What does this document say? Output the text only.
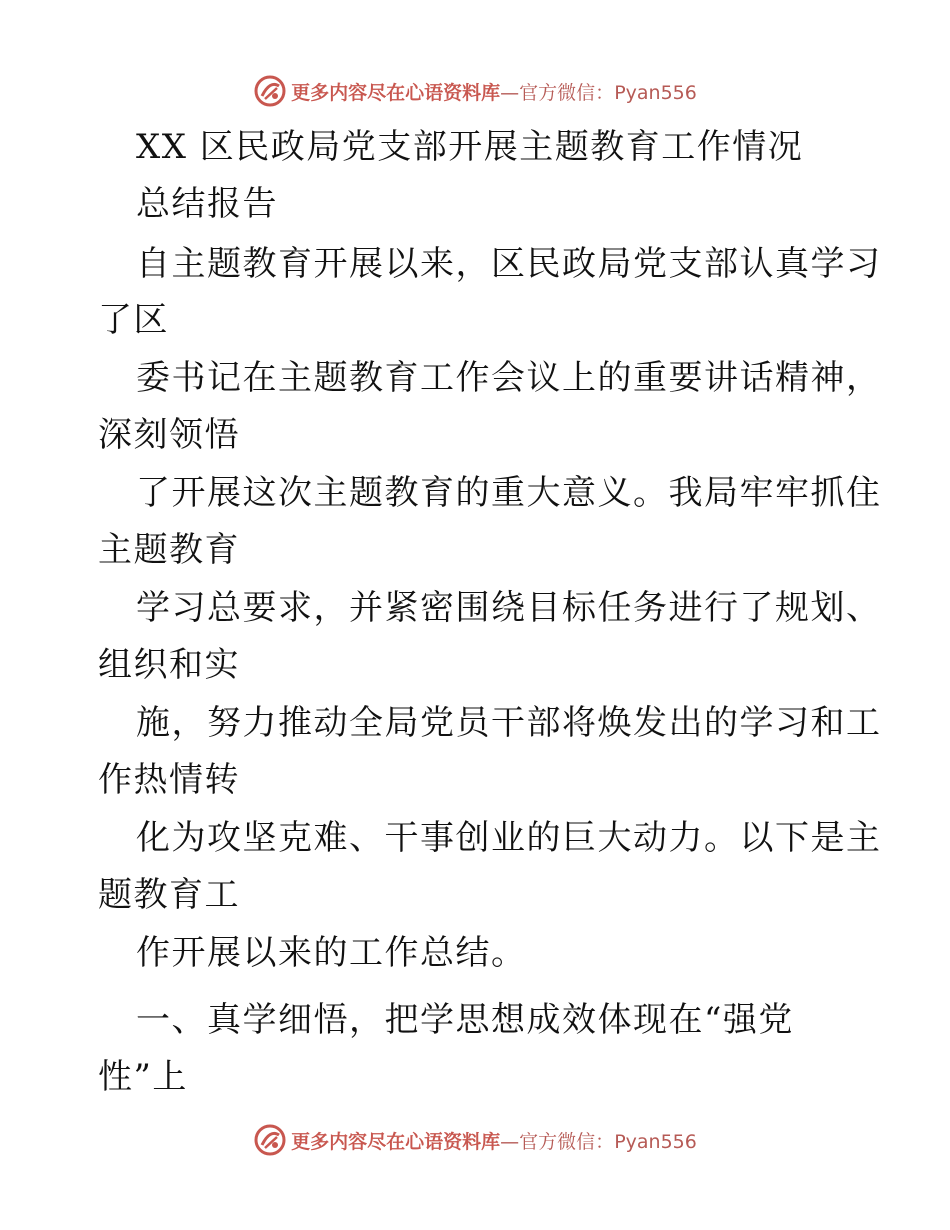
更多内容尽在心语资料库—官方微信：Pyan556
XX 区民政局党支部开展主题教育工作情况
总结报告
自主题教育开展以来，区民政局党支部认真学习
了区
委书记在主题教育工作会议上的重要讲话精神，
深刻领悟
了开展这次主题教育的重大意义。我局牢牢抓住
主题教育
学习总要求，并紧密围绕目标任务进行了规划、
组织和实
施，努力推动全局党员干部将焕发出的学习和工
作热情转
化为攻坚克难、干事创业的巨大动力。以下是主
题教育工
作开展以来的工作总结。
一、真学细悟，把学思想成效体现在“强党
性”上
更多内容尽在心语资料库—官方微信：Pyan556
